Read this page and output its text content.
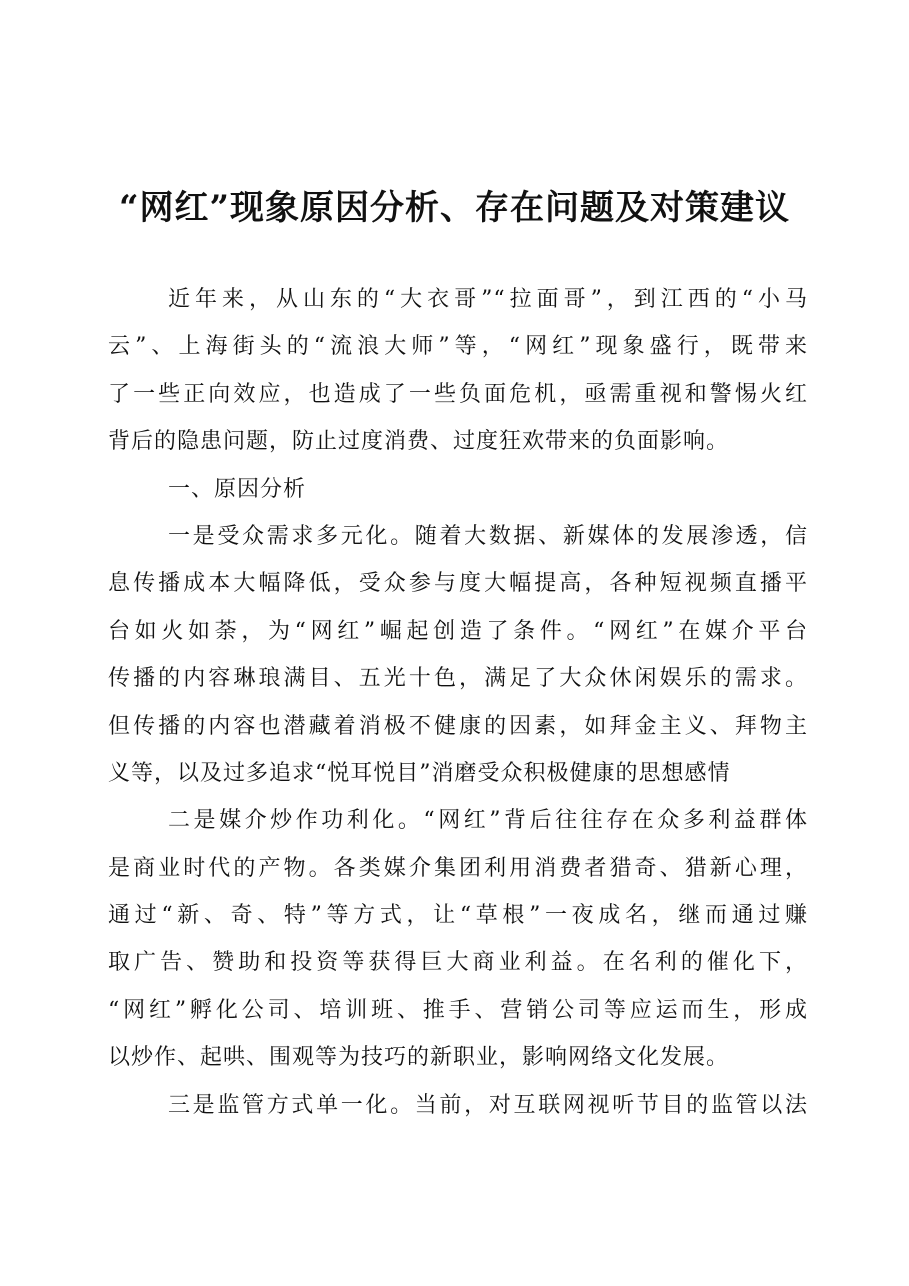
“网红”现象原因分析、存在问题及对策建议
近年来，从山东的“大衣哥”“拉面哥”，到江西的“小马
云”、上海街头的“流浪大师”等，“网红”现象盛行，既带来
了一些正向效应，也造成了一些负面危机，亟需重视和警惕火红
背后的隐患问题，防止过度消费、过度狂欢带来的负面影响。
一、原因分析
一是受众需求多元化。随着大数据、新媒体的发展渗透，信
息传播成本大幅降低，受众参与度大幅提高，各种短视频直播平
台如火如荼，为“网红”崛起创造了条件。“网红”在媒介平台
传播的内容琳琅满目、五光十色，满足了大众休闲娱乐的需求。
但传播的内容也潜藏着消极不健康的因素，如拜金主义、拜物主
义等，以及过多追求“悦耳悦目”消磨受众积极健康的思想感情
二是媒介炒作功利化。“网红”背后往往存在众多利益群体
是商业时代的产物。各类媒介集团利用消费者猎奇、猎新心理，
通过“新、奇、特”等方式，让“草根”一夜成名，继而通过赚
取广告、赞助和投资等获得巨大商业利益。在名利的催化下，
“网红”孵化公司、培训班、推手、营销公司等应运而生，形成
以炒作、起哄、围观等为技巧的新职业，影响网络文化发展。
三是监管方式单一化。当前，对互联网视听节目的监管以法
